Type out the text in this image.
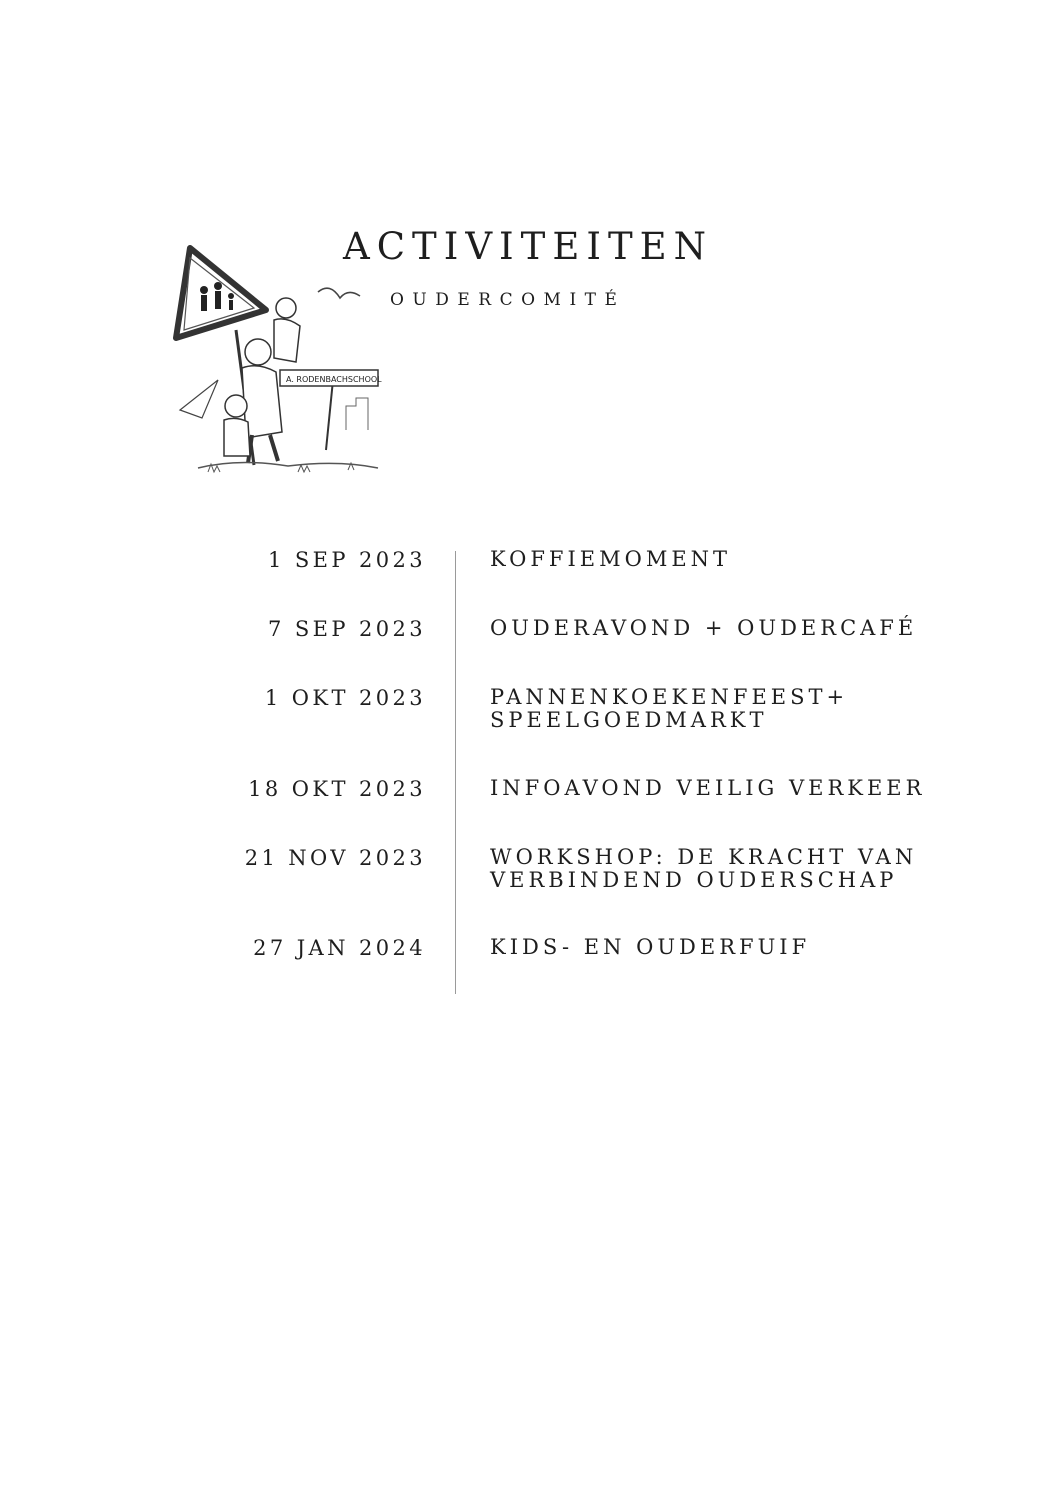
A. RODENBACHSCHOOL
ACTIVITEITEN
OUDERCOMITÉ
1 SEP 2023	KOFFIEMOMENT
7 SEP 2023	OUDERAVOND + OUDERCAFÉ
1 OKT 2023	PANNENKOEKENFEEST+
SPEELGOEDMARKT
18 OKT 2023	INFOAVOND VEILIG VERKEER
21 NOV 2023	WORKSHOP: DE KRACHT VAN
VERBINDEND OUDERSCHAP
27 JAN 2024	KIDS- EN OUDERFUIF
